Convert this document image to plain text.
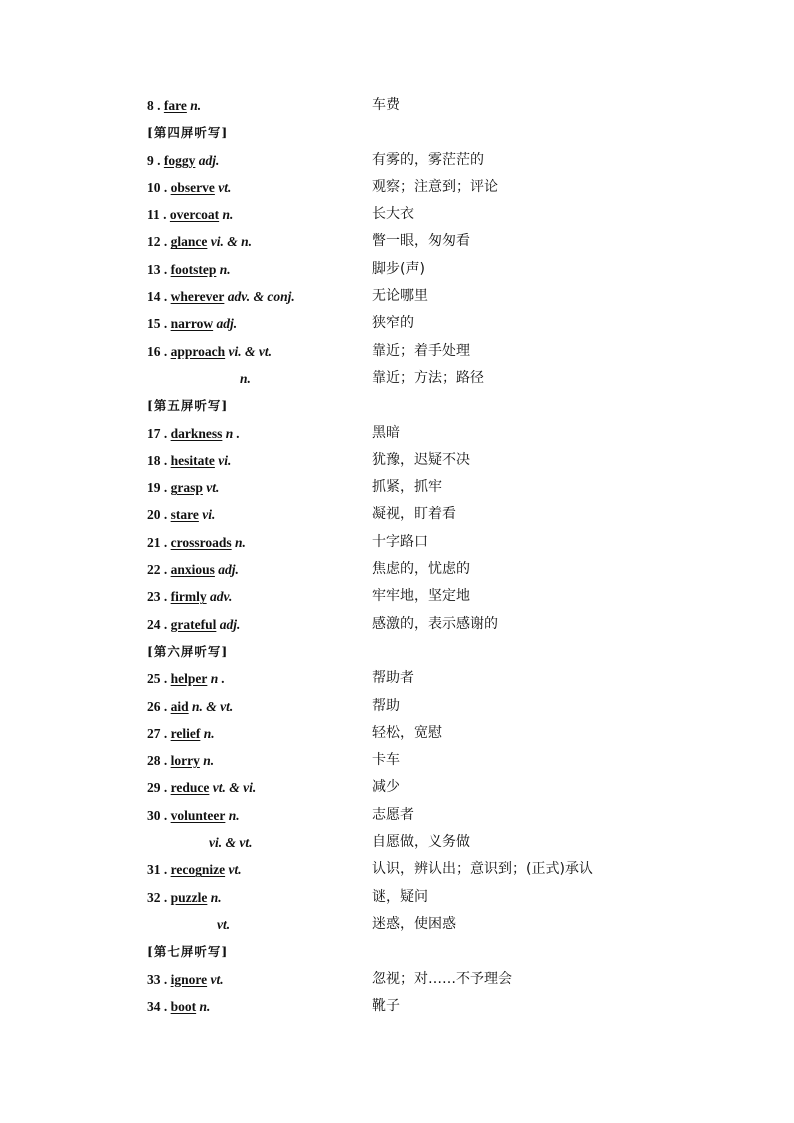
8 . fare n.	车费
[第四屏听写]
9 . foggy adj.	有雾的，雾茫茫的
10 . observe vt.	观察；注意到；评论
11 . overcoat n.	长大衣
12 . glance vi. & n.	瞥一眼，匆匆看
13 . footstep n.	脚步(声)
14 . wherever adv. & conj.	无论哪里
15 . narrow adj.	狭窄的
16 . approach vi. & vt.	靠近；着手处理
n.	靠近；方法；路径
[第五屏听写]
17 . darkness n .	黑暗
18 . hesitate vi.	犹豫，迟疑不决
19 . grasp vt.	抓紧，抓牢
20 . stare vi.	凝视，盯着看
21 . crossroads n.	十字路口
22 . anxious adj.	焦虑的，忧虑的
23 . firmly adv.	牢牢地，坚定地
24 . grateful adj.	感激的，表示感谢的
[第六屏听写]
25 . helper n .	帮助者
26 . aid n. & vt.	帮助
27 . relief n.	轻松，宽慰
28 . lorry n.	卡车
29 . reduce vt. & vi.	减少
30 . volunteer n.	志愿者
vi. & vt.	自愿做，义务做
31 . recognize vt.	认识，辨认出；意识到；(正式)承认
32 . puzzle n.	谜，疑问
vt.	迷惑，使困惑
[第七屏听写]
33 . ignore vt.	忽视；对……不予理会
34 . boot n.	靴子
